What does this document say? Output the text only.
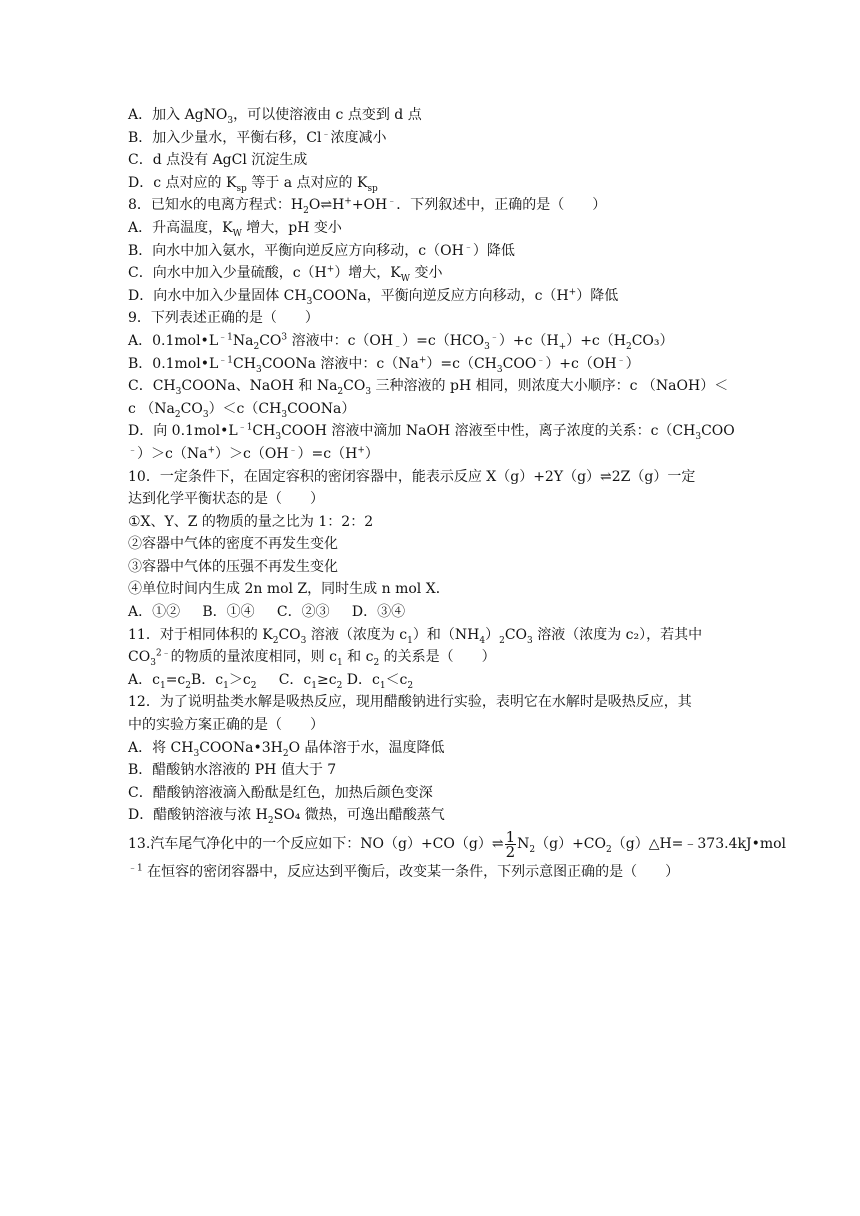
A．加入 AgNO$_3$，可以使溶液由 c 点变到 d 点
B．加入少量水，平衡右移，Cl﹣浓度减小
C．d 点没有 AgCl 沉淀生成
D．c 点对应的 $K_{sp}$ 等于 a 点对应的 $K_{sp}$
8．已知水的电离方程式：$H_2O\rightleftharpoons H^++OH^﹣$．下列叙述中，正确的是（　　）
A．升高温度，$K_W$ 增大，pH 变小
B．向水中加入氨水，平衡向逆反应方向移动，c（OH﹣）降低
C．向水中加入少量硫酸，c（H+）增大，$K_W$ 变小
D．向水中加入少量固体 $CH_3COONa$，平衡向逆反应方向移动，c（H+）降低
9．下列表述正确的是（　　）
A．$0.1mol•L^{﹣1}Na_2CO^3$ 溶液中：$c(OH_﹣)=c(HCO_3^﹣)+c(H_+)+c(H_2CO_3)$
B．$0.1mol•L^{﹣1}CH_3COONa$ 溶液中：$c(Na^+)=c(CH_3COO^﹣)+c(OH^﹣)$
C．$CH_3COONa$、NaOH 和 $Na_2CO_3$ 三种溶液的 pH 相同，则浓度大小顺序：c （NaOH）＜
c $(Na_2CO_3)<c(CH_3COONa)$
D．向 $0.1mol•L^{﹣1}CH_3COOH$ 溶液中滴加 NaOH 溶液至中性，离子浓度的关系：$c(CH_3COO$
﹣）＞c（Na+）＞c（OH﹣）=c（H+）
10．一定条件下，在固定容积的密闭容器中，能表示反应 X（g）+2Y（g）⇌2Z（g）一定
达到化学平衡状态的是（　　）
①X、Y、Z 的物质的量之比为 1：2：2
②容器中气体的密度不再发生变化
③容器中气体的压强不再发生变化
④单位时间内生成 2n mol Z，同时生成 n mol X．
A．①②     B．①④     C．②③     D．③④
11．对于相同体积的 $K_2CO_3$ 溶液（浓度为 $c_1$）和$(NH_4)_2CO_3$ 溶液（浓度为 c₂），若其中
$CO_3^{2﹣}$的物质的量浓度相同，则 $c_1$ 和 $c_2$ 的关系是（　　）
A．$c_1=c_2B$．$c_1>c_2$     C．$c_1\ge c_2$ D．$c_1<c_2$
12．为了说明盐类水解是吸热反应，现用醋酸钠进行实验，表明它在水解时是吸热反应，其
中的实验方案正确的是（　　）
A．将 $CH_3COONa•3H_2O$ 晶体溶于水，温度降低
B．醋酸钠水溶液的 PH 值大于 7
C．醋酸钠溶液滴入酚酞是红色，加热后颜色变深
D．醋酸钠溶液与浓 $H_2SO_4$ 微热，可逸出醋酸蒸气
13.汽车尾气净化中的一个反应如下：NO（g）+CO（g）⇌ $\frac{1}{2}$ $N_2(g)+CO_2(g)\triangle H=﹣373.4kJ•mol$
$^{﹣1}$ 在恒容的密闭容器中，反应达到平衡后，改变某一条件，下列示意图正确的是（　　）
